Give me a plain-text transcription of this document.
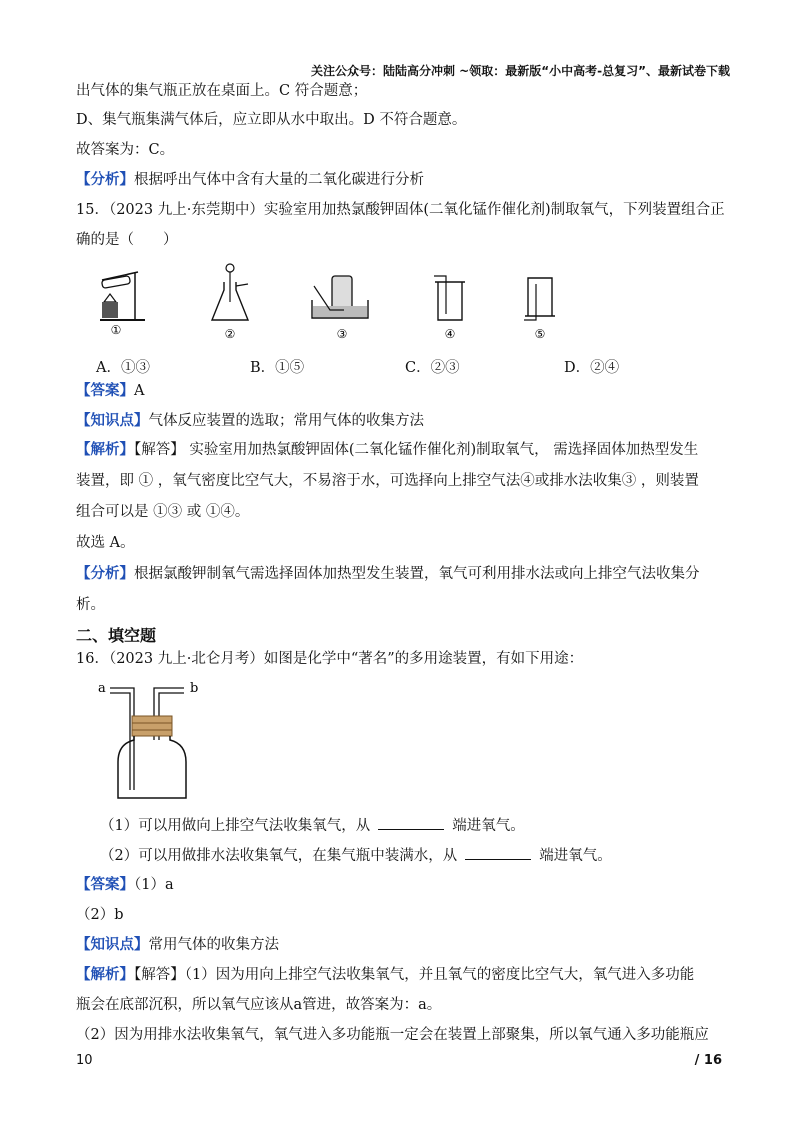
关注公众号：陆陆高分冲刺 ~领取：最新版“小中高考-总复习”、最新试卷下载
出气体的集气瓶正放在桌面上。C 符合题意；
D、集气瓶集满气体后，应立即从水中取出。D 不符合题意。
故答案为：C。
【分析】根据呼出气体中含有大量的二氧化碳进行分析
15．（2023 九上·东莞期中）实验室用加热氯酸钾固体(二氧化锰作催化剂)制取氧气，下列装置组合正
确的是（　　）
①	②	③	④	⑤
A．①③	B．①⑤	C．②③	D．②④
【答案】A
【知识点】气体反应装置的选取；常用气体的收集方法
【解析】【解答】 实验室用加热氯酸钾固体(二氧化锰作催化剂)制取氧气， 需选择固体加热型发生
装置，即 ① ，氧气密度比空气大，不易溶于水，可选择向上排空气法④或排水法收集③ ，则装置
组合可以是 ①③ 或 ①④。
故选 A。
【分析】根据氯酸钾制氧气需选择固体加热型发生装置，氧气可利用排水法或向上排空气法收集分
析。
二、填空题
16．（2023 九上·北仑月考）如图是化学中“著名”的多用途装置，有如下用途：
a	b
（1）可以用做向上排空气法收集氧气，从	端进氧气。
（2）可以用做排水法收集氧气，在集气瓶中装满水，从	端进氧气。
【答案】（1）a
（2）b
【知识点】常用气体的收集方法
【解析】【解答】（1）因为用向上排空气法收集氧气，并且氧气的密度比空气大，氧气进入多功能
瓶会在底部沉积，所以氧气应该从a管进，故答案为：a。
（2）因为用排水法收集氧气，氧气进入多功能瓶一定会在装置上部聚集，所以氧气通入多功能瓶应
10	/ 16
